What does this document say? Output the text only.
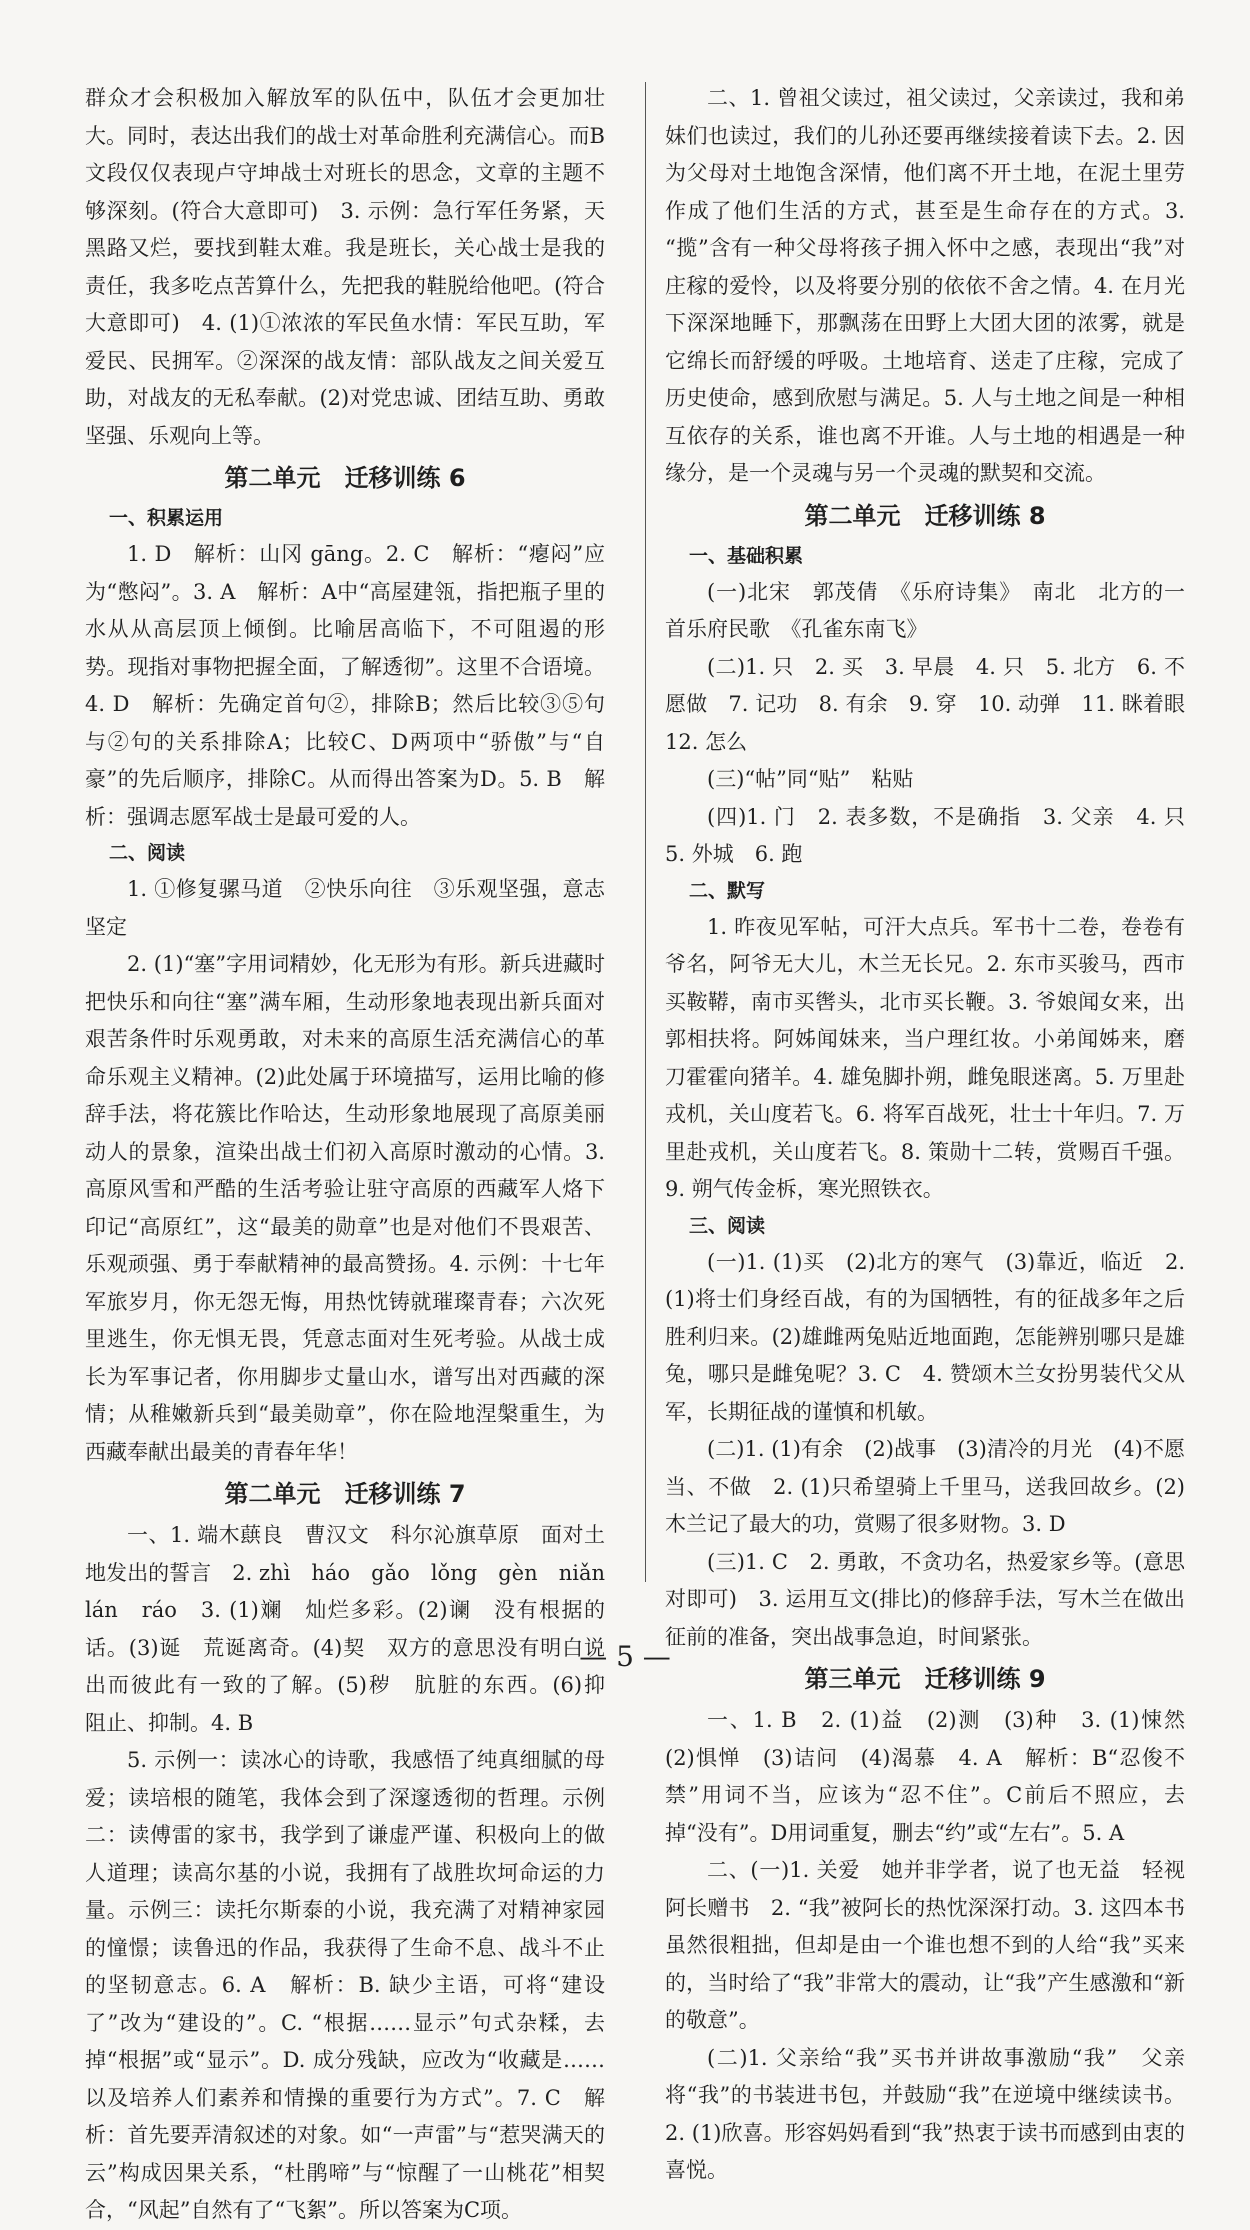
群众才会积极加入解放军的队伍中，队伍才会更加壮大。同时，表达出我们的战士对革命胜利充满信心。而B文段仅仅表现卢守坤战士对班长的思念，文章的主题不够深刻。(符合大意即可)　3. 示例：急行军任务紧，天黑路又烂，要找到鞋太难。我是班长，关心战士是我的责任，我多吃点苦算什么，先把我的鞋脱给他吧。(符合大意即可)　4. (1)①浓浓的军民鱼水情：军民互助，军爱民、民拥军。②深深的战友情：部队战友之间关爱互助，对战友的无私奉献。(2)对党忠诚、团结互助、勇敢坚强、乐观向上等。

第二单元　迁移训练 6
一、积累运用

1. D　解析：山冈 gāng。2. C　解析：“瘪闷”应为“憋闷”。3. A　解析：A中“高屋建瓴，指把瓶子里的水从从高层顶上倾倒。比喻居高临下，不可阻遏的形势。现指对事物把握全面，了解透彻”。这里不合语境。4. D　解析：先确定首句②，排除B；然后比较③⑤句与②句的关系排除A；比较C、D两项中“骄傲”与“自豪”的先后顺序，排除C。从而得出答案为D。5. B　解析：强调志愿军战士是最可爱的人。

二、阅读

1. ①修复骡马道　②快乐向往　③乐观坚强，意志坚定

2. (1)“塞”字用词精妙，化无形为有形。新兵进藏时把快乐和向往“塞”满车厢，生动形象地表现出新兵面对艰苦条件时乐观勇敢，对未来的高原生活充满信心的革命乐观主义精神。(2)此处属于环境描写，运用比喻的修辞手法，将花簇比作哈达，生动形象地展现了高原美丽动人的景象，渲染出战士们初入高原时激动的心情。3. 高原风雪和严酷的生活考验让驻守高原的西藏军人烙下印记“高原红”，这“最美的勋章”也是对他们不畏艰苦、乐观顽强、勇于奉献精神的最高赞扬。4. 示例：十七年军旅岁月，你无怨无悔，用热忱铸就璀璨青春；六次死里逃生，你无惧无畏，凭意志面对生死考验。从战士成长为军事记者，你用脚步丈量山水，谱写出对西藏的深情；从稚嫩新兵到“最美勋章”，你在险地涅槃重生，为西藏奉献出最美的青春年华！

第二单元　迁移训练 7

一、1. 端木蕻良　曹汉文　科尔沁旗草原　面对土地发出的誓言　2. zhì　háo　gǎo　lǒng　gèn　niǎn　lán　ráo　3. (1)斓　灿烂多彩。(2)谰　没有根据的话。(3)诞　荒诞离奇。(4)契　双方的意思没有明白说出而彼此有一致的了解。(5)秽　肮脏的东西。(6)抑　阻止、抑制。4. B

5. 示例一：读冰心的诗歌，我感悟了纯真细腻的母爱；读培根的随笔，我体会到了深邃透彻的哲理。示例二：读傅雷的家书，我学到了谦虚严谨、积极向上的做人道理；读高尔基的小说，我拥有了战胜坎坷命运的力量。示例三：读托尔斯泰的小说，我充满了对精神家园的憧憬；读鲁迅的作品，我获得了生命不息、战斗不止的坚韧意志。6. A　解析：B. 缺少主语，可将“建设了”改为“建设的”。C. “根据……显示”句式杂糅，去掉“根据”或“显示”。D. 成分残缺，应改为“收藏是……以及培养人们素养和情操的重要行为方式”。7. C　解析：首先要弄清叙述的对象。如“一声雷”与“惹哭满天的云”构成因果关系，“杜鹃啼”与“惊醒了一山桃花”相契合，“风起”自然有了“飞絮”。所以答案为C项。

二、1. 曾祖父读过，祖父读过，父亲读过，我和弟妹们也读过，我们的儿孙还要再继续接着读下去。2. 因为父母对土地饱含深情，他们离不开土地，在泥土里劳作成了他们生活的方式，甚至是生命存在的方式。3. “揽”含有一种父母将孩子拥入怀中之感，表现出“我”对庄稼的爱怜，以及将要分别的依依不舍之情。4. 在月光下深深地睡下，那飘荡在田野上大团大团的浓雾，就是它绵长而舒缓的呼吸。土地培育、送走了庄稼，完成了历史使命，感到欣慰与满足。5. 人与土地之间是一种相互依存的关系，谁也离不开谁。人与土地的相遇是一种缘分，是一个灵魂与另一个灵魂的默契和交流。

第二单元　迁移训练 8
一、基础积累

(一)北宋　郭茂倩　《乐府诗集》　南北　北方的一首乐府民歌　《孔雀东南飞》

(二)1. 只　2. 买　3. 早晨　4. 只　5. 北方　6. 不愿做　7. 记功　8. 有余　9. 穿　10. 动弹　11. 眯着眼　12. 怎么

(三)“帖”同“贴”　粘贴

(四)1. 门　2. 表多数，不是确指　3. 父亲　4. 只　5. 外城　6. 跑

二、默写

1. 昨夜见军帖，可汗大点兵。军书十二卷，卷卷有爷名，阿爷无大儿，木兰无长兄。2. 东市买骏马，西市买鞍鞯，南市买辔头，北市买长鞭。3. 爷娘闻女来，出郭相扶将。阿姊闻妹来，当户理红妆。小弟闻姊来，磨刀霍霍向猪羊。4. 雄兔脚扑朔，雌兔眼迷离。5. 万里赴戎机，关山度若飞。6. 将军百战死，壮士十年归。7. 万里赴戎机，关山度若飞。8. 策勋十二转，赏赐百千强。9. 朔气传金柝，寒光照铁衣。

三、阅读

(一)1. (1)买　(2)北方的寒气　(3)靠近，临近　2. (1)将士们身经百战，有的为国牺牲，有的征战多年之后胜利归来。(2)雄雌两兔贴近地面跑，怎能辨别哪只是雄兔，哪只是雌兔呢？3. C　4. 赞颂木兰女扮男装代父从军，长期征战的谨慎和机敏。

(二)1. (1)有余　(2)战事　(3)清冷的月光　(4)不愿当、不做　2. (1)只希望骑上千里马，送我回故乡。(2)木兰记了最大的功，赏赐了很多财物。3. D

(三)1. C　2. 勇敢，不贪功名，热爱家乡等。(意思对即可)　3. 运用互文(排比)的修辞手法，写木兰在做出征前的准备，突出战事急迫，时间紧张。

第三单元　迁移训练 9

一、1. B　2. (1)益　(2)测　(3)种　3. (1)悚然　(2)惧惮　(3)诘问　(4)渴慕　4. A　解析：B“忍俊不禁”用词不当，应该为“忍不住”。C前后不照应，去掉“没有”。D用词重复，删去“约”或“左右”。5. A

二、(一)1. 关爱　她并非学者，说了也无益　轻视　阿长赠书　2. “我”被阿长的热忱深深打动。3. 这四本书虽然很粗拙，但却是由一个谁也想不到的人给“我”买来的，当时给了“我”非常大的震动，让“我”产生感激和“新的敬意”。

(二)1. 父亲给“我”买书并讲故事激励“我”　父亲将“我”的书装进书包，并鼓励“我”在逆境中继续读书。2. (1)欣喜。形容妈妈看到“我”热衷于读书而感到由衷的喜悦。

— 5 —
